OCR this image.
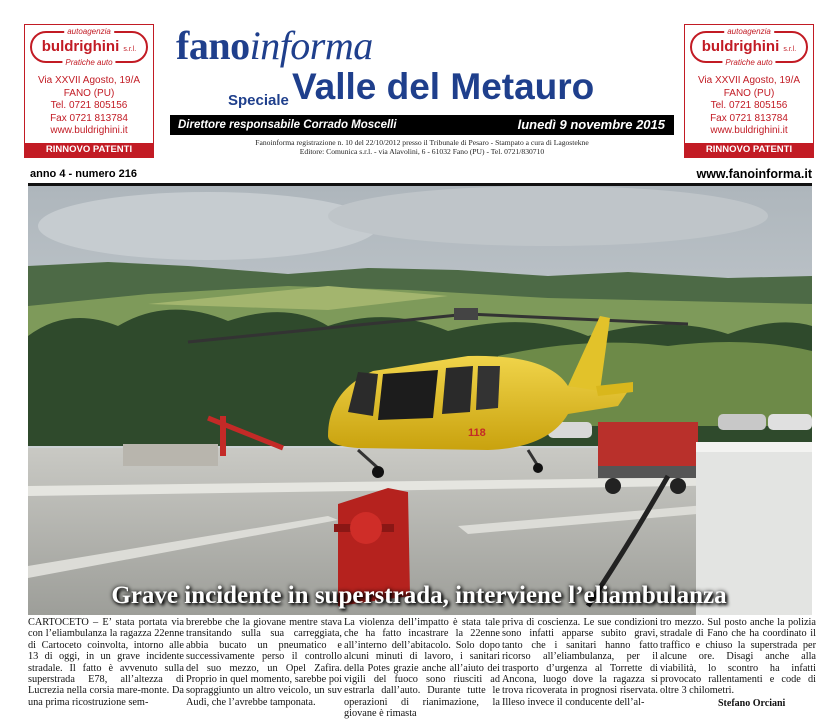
autoagenzia
buldrighini s.r.l.
Pratiche auto
Via XXVII Agosto, 19/A
FANO (PU)
Tel. 0721 805156
Fax 0721 813784
www.buldrighini.it
RINNOVO PATENTI
autoagenzia
buldrighini s.r.l.
Pratiche auto
Via XXVII Agosto, 19/A
FANO (PU)
Tel. 0721 805156
Fax 0721 813784
www.buldrighini.it
RINNOVO PATENTI
fanoinforma
Speciale Valle del Metauro
Direttore responsabile Corrado Moscelli	lunedì 9 novembre 2015
Fanoinforma registrazione n. 10 del 22/10/2012 presso il Tribunale di Pesaro - Stampato a cura di Lagostekne
Editore: Comunica s.r.l. - via Alavolini, 6 - 61032 Fano (PU) - Tel. 0721/830710
anno 4 - numero 216	www.fanoinforma.it
118
Grave incidente in superstrada, interviene l’eliambulanza

CARTOCETO – E’ stata portata via con l’eliambulanza la ragazza 22enne di Cartoceto coinvolta, intorno alle 13 di oggi, in un grave incidente stradale. Il fatto è avvenuto sulla superstrada E78, all’altezza di Lucrezia nella corsia mare-monte. Da una prima ricostruzione sem-

brerebbe che la giovane mentre stava transitando sulla sua carreggiata, abbia bucato un pneumatico e successivamente perso il controllo del suo mezzo, un Opel Zafira. Proprio in quel momento, sarebbe poi sopraggiunto un altro veicolo, un suv Audi, che l’avrebbe tamponata.

La violenza dell’impatto è stata tale che ha fatto incastrare la 22enne all’interno dell’abitacolo. Solo dopo alcuni minuti di lavoro, i sanitari della Potes grazie anche all’aiuto dei vigili del fuoco sono riusciti ad estrarla dall’auto. Durante tutte le operazioni di rianimazione, la giovane è rimasta

priva di coscienza. Le sue condizioni sono infatti apparse subito gravi, tanto che i sanitari hanno fatto ricorso all’eliambulanza, per il trasporto d’urgenza al Torrette di Ancona, luogo dove la ragazza si trova ricoverata in prognosi riservata. Illeso invece il conducente dell’al-

tro mezzo. Sul posto anche la polizia stradale di Fano che ha coordinato il traffico e chiuso la superstrada per alcune ore. Disagi anche alla viabilità, lo scontro ha infatti provocato rallentamenti e code di oltre 3 chilometri.

Stefano Orciani
